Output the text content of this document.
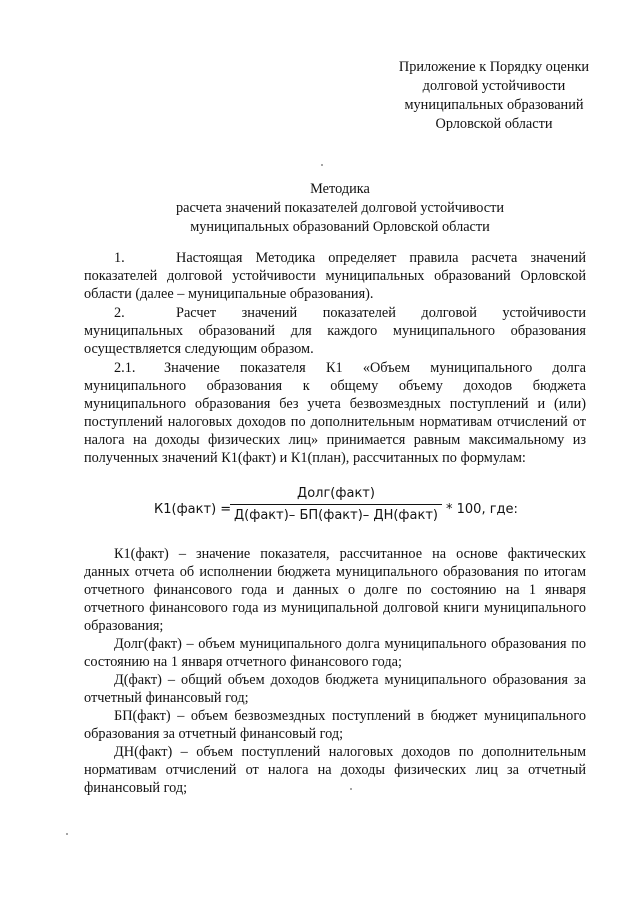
Приложение к Порядку оценки
долговой устойчивости
муниципальных образований
Орловской области
Методика
расчета значений показателей долговой устойчивости
муниципальных образований Орловской области

1.	Настоящая Методика определяет правила расчета значений показателей долговой устойчивости муниципальных образований Орловской области (далее – муниципальные образования).

2.	Расчет значений показателей долговой устойчивости муниципальных образований для каждого муниципального образования осуществляется следующим образом.

2.1. Значение показателя К1 «Объем муниципального долга муниципального образования к общему объему доходов бюджета муниципального образования без учета безвозмездных поступлений и (или) поступлений налоговых доходов по дополнительным нормативам отчислений от налога на доходы физических лиц» принимается равным максимальному из полученных значений К1(факт) и К1(план), рассчитанных по формулам:

К1(факт) =
Долг(факт)
Д(факт)– БП(факт)– ДН(факт) * 100, где:

К1(факт) – значение показателя, рассчитанное на основе фактических данных отчета об исполнении бюджета муниципального образования по итогам отчетного финансового года и данных о долге по состоянию на 1 января отчетного финансового года из муниципальной долговой книги муниципального образования;

Долг(факт) – объем муниципального долга муниципального образования по состоянию на 1 января отчетного финансового года;

Д(факт) – общий объем доходов бюджета муниципального образования за отчетный финансовый год;

БП(факт) – объем безвозмездных поступлений в бюджет муниципального образования за отчетный финансовый год;

ДН(факт) – объем поступлений налоговых доходов по дополнительным нормативам отчислений от налога на доходы физических лиц за отчетный финансовый год;
